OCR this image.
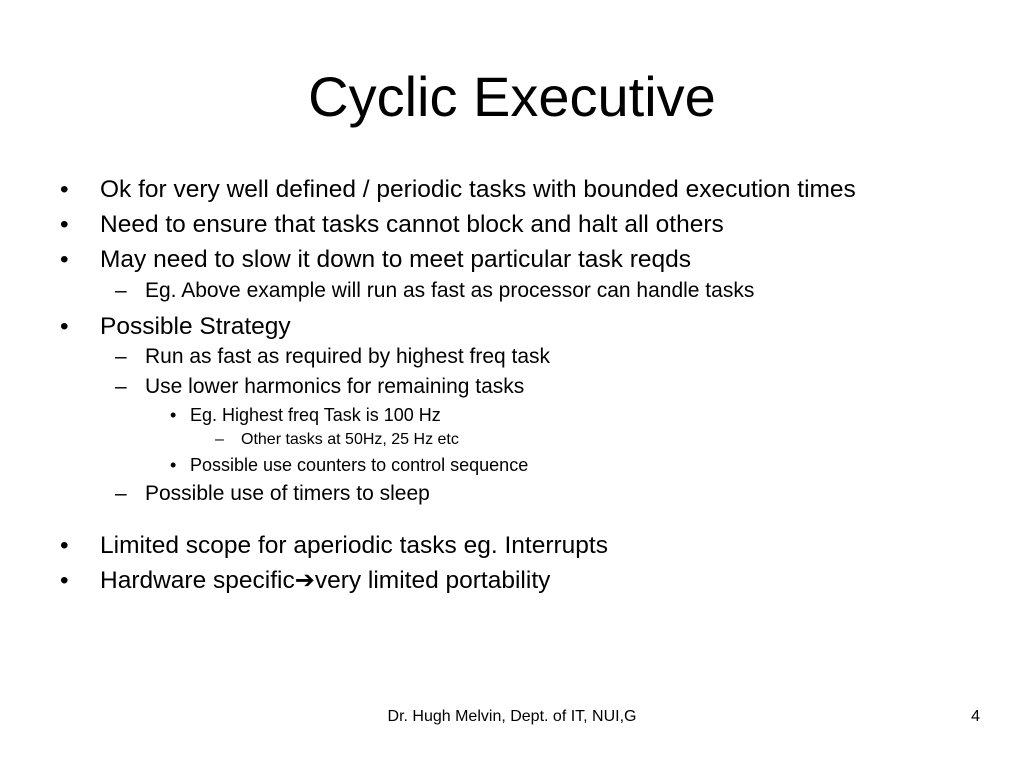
Cyclic Executive

• Ok for very well defined / periodic tasks with bounded execution times

• Need to ensure that tasks cannot block and halt all others

• May need to slow it down to meet particular task reqds

– Eg. Above example will run as fast as processor can handle tasks

• Possible Strategy

– Run as fast as required by highest freq task

– Use lower harmonics for remaining tasks

• Eg. Highest freq Task is 100 Hz

– Other tasks at 50Hz, 25 Hz etc

• Possible use counters to control sequence

– Possible use of timers to sleep

• Limited scope for aperiodic tasks eg. Interrupts

• Hardware specific➔very limited portability

Dr. Hugh Melvin, Dept. of IT, NUI,G	4
